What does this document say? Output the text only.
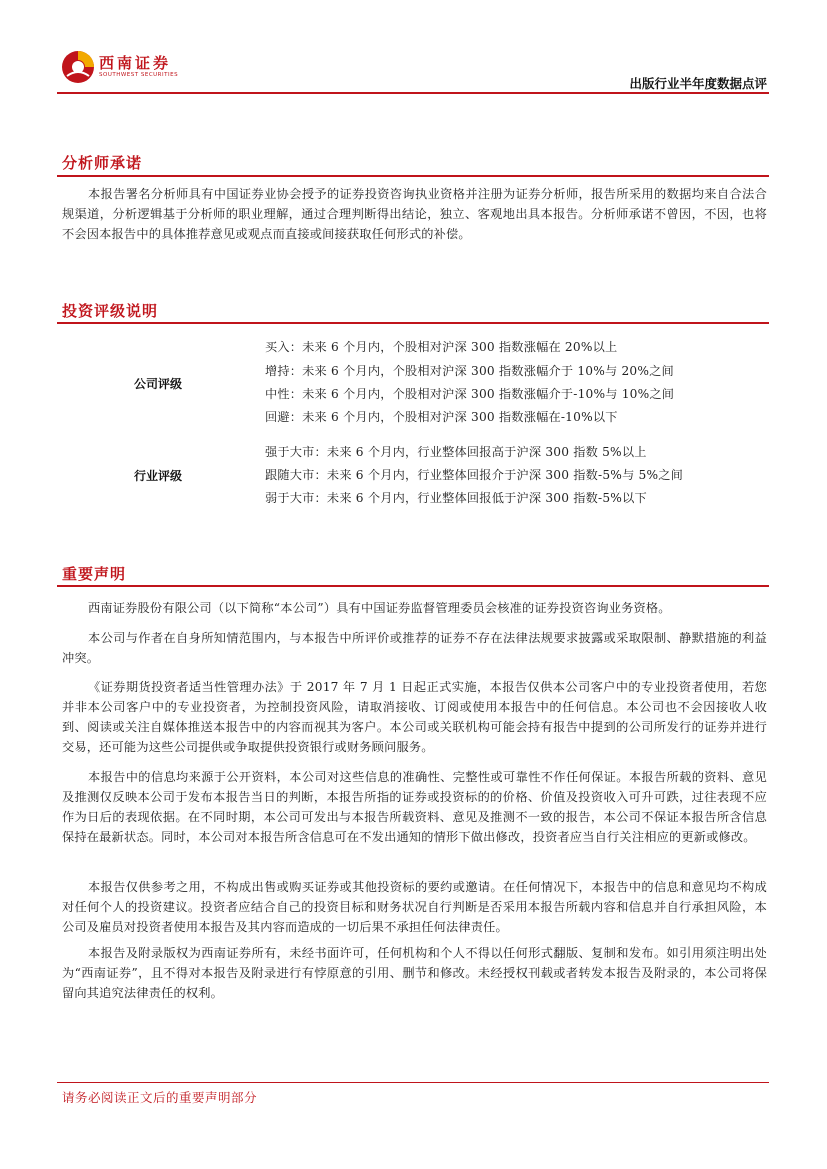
西南证券
SOUTHWEST SECURITIES
出版行业半年度数据点评
分析师承诺

本报告署名分析师具有中国证券业协会授予的证券投资咨询执业资格并注册为证券分析师，报告所采用的数据均来自合法合规渠道，分析逻辑基于分析师的职业理解，通过合理判断得出结论，独立、客观地出具本报告。分析师承诺不曾因，不因，也将不会因本报告中的具体推荐意见或观点而直接或间接获取任何形式的补偿。

投资评级说明
公司评级
买入：未来 6 个月内，个股相对沪深 300 指数涨幅在 20%以上
增持：未来 6 个月内，个股相对沪深 300 指数涨幅介于 10%与 20%之间
中性：未来 6 个月内，个股相对沪深 300 指数涨幅介于-10%与 10%之间
回避：未来 6 个月内，个股相对沪深 300 指数涨幅在-10%以下
行业评级
强于大市：未来 6 个月内，行业整体回报高于沪深 300 指数 5%以上
跟随大市：未来 6 个月内，行业整体回报介于沪深 300 指数-5%与 5%之间
弱于大市：未来 6 个月内，行业整体回报低于沪深 300 指数-5%以下
重要声明

西南证券股份有限公司（以下简称“本公司”）具有中国证券监督管理委员会核准的证券投资咨询业务资格。

本公司与作者在自身所知情范围内，与本报告中所评价或推荐的证券不存在法律法规要求披露或采取限制、静默措施的利益冲突。

《证券期货投资者适当性管理办法》于 2017 年 7 月 1 日起正式实施，本报告仅供本公司客户中的专业投资者使用，若您并非本公司客户中的专业投资者，为控制投资风险，请取消接收、订阅或使用本报告中的任何信息。本公司也不会因接收人收到、阅读或关注自媒体推送本报告中的内容而视其为客户。本公司或关联机构可能会持有报告中提到的公司所发行的证券并进行交易，还可能为这些公司提供或争取提供投资银行或财务顾问服务。

本报告中的信息均来源于公开资料，本公司对这些信息的准确性、完整性或可靠性不作任何保证。本报告所载的资料、意见及推测仅反映本公司于发布本报告当日的判断，本报告所指的证券或投资标的的价格、价值及投资收入可升可跌，过往表现不应作为日后的表现依据。在不同时期，本公司可发出与本报告所载资料、意见及推测不一致的报告，本公司不保证本报告所含信息保持在最新状态。同时，本公司对本报告所含信息可在不发出通知的情形下做出修改，投资者应当自行关注相应的更新或修改。

本报告仅供参考之用，不构成出售或购买证券或其他投资标的要约或邀请。在任何情况下，本报告中的信息和意见均不构成对任何个人的投资建议。投资者应结合自己的投资目标和财务状况自行判断是否采用本报告所载内容和信息并自行承担风险，本公司及雇员对投资者使用本报告及其内容而造成的一切后果不承担任何法律责任。

本报告及附录版权为西南证券所有，未经书面许可，任何机构和个人不得以任何形式翻版、复制和发布。如引用须注明出处为“西南证券”，且不得对本报告及附录进行有悖原意的引用、删节和修改。未经授权刊载或者转发本报告及附录的，本公司将保留向其追究法律责任的权利。

请务必阅读正文后的重要声明部分
